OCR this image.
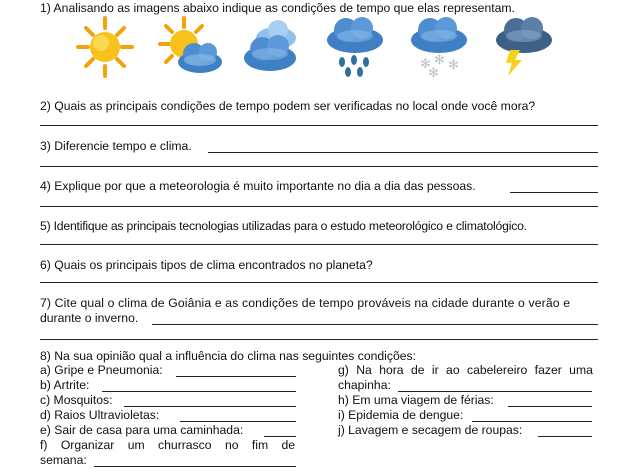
1) Analisando as imagens abaixo indique as condições de tempo que elas representam.
✻ ✻ ✻
✻
2) Quais as principais condições de tempo podem ser verificadas no local onde você mora?
3) Diferencie tempo e clima.
4) Explique por que a meteorologia é muito importante no dia a dia das pessoas.
5) Identifique as principais tecnologias utilizadas para o estudo meteorológico e climatológico.
6) Quais os principais tipos de clima encontrados no planeta?
7) Cite qual o clima de Goiânia e as condições de tempo prováveis na cidade durante o verão e
durante o inverno.
8) Na sua opinião qual a influência do clima nas seguintes condições:
a) Gripe e Pneumonia:
b) Artrite:
c) Mosquitos:
d) Raios Ultravioletas:
e) Sair de casa para uma caminhada:
f) Organizar um churrasco no fim de
semana:
g) Na hora de ir ao cabelereiro fazer uma
chapinha:
h) Em uma viagem de férias:
i) Epidemia de dengue:
j) Lavagem e secagem de roupas:
